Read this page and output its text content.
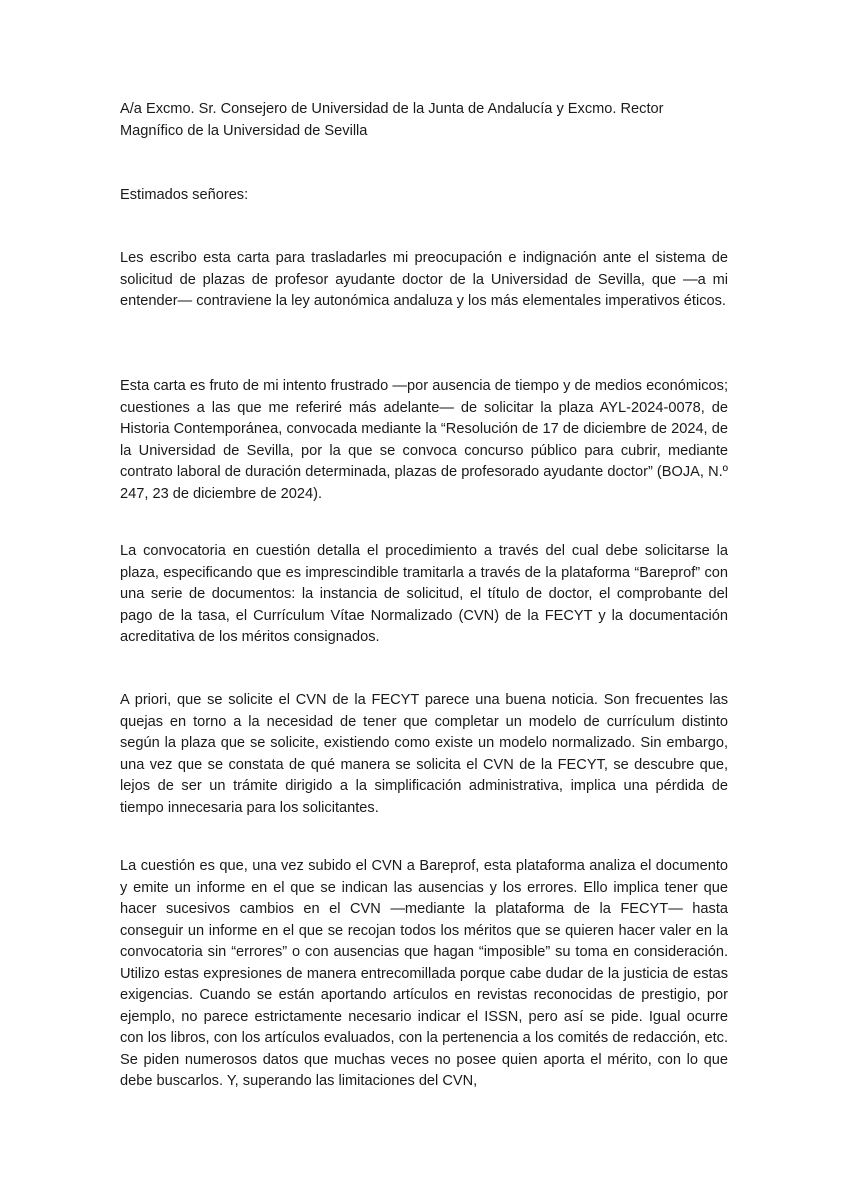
A/a Excmo. Sr. Consejero de Universidad de la Junta de Andalucía y Excmo. Rector
Magnífico de la Universidad de Sevilla

Estimados señores:

Les escribo esta carta para trasladarles mi preocupación e indignación ante el sistema de solicitud de plazas de profesor ayudante doctor de la Universidad de Sevilla, que —a mi entender— contraviene la ley autonómica andaluza y los más elementales imperativos éticos.

Esta carta es fruto de mi intento frustrado —por ausencia de tiempo y de medios económicos; cuestiones a las que me referiré más adelante— de solicitar la plaza AYL-2024-0078, de Historia Contemporánea, convocada mediante la “Resolución de 17 de diciembre de 2024, de la Universidad de Sevilla, por la que se convoca concurso público para cubrir, mediante contrato laboral de duración determinada, plazas de profesorado ayudante doctor” (BOJA, N.º 247, 23 de diciembre de 2024).

La convocatoria en cuestión detalla el procedimiento a través del cual debe solicitarse la plaza, especificando que es imprescindible tramitarla a través de la plataforma “Bareprof” con una serie de documentos: la instancia de solicitud, el título de doctor, el comprobante del pago de la tasa, el Currículum Vítae Normalizado (CVN) de la FECYT y la documentación acreditativa de los méritos consignados.

A priori, que se solicite el CVN de la FECYT parece una buena noticia. Son frecuentes las quejas en torno a la necesidad de tener que completar un modelo de currículum distinto según la plaza que se solicite, existiendo como existe un modelo normalizado. Sin embargo, una vez que se constata de qué manera se solicita el CVN de la FECYT, se descubre que, lejos de ser un trámite dirigido a la simplificación administrativa, implica una pérdida de tiempo innecesaria para los solicitantes.

La cuestión es que, una vez subido el CVN a Bareprof, esta plataforma analiza el documento y emite un informe en el que se indican las ausencias y los errores. Ello implica tener que hacer sucesivos cambios en el CVN —mediante la plataforma de la FECYT— hasta conseguir un informe en el que se recojan todos los méritos que se quieren hacer valer en la convocatoria sin “errores” o con ausencias que hagan “imposible” su toma en consideración. Utilizo estas expresiones de manera entrecomillada porque cabe dudar de la justicia de estas exigencias. Cuando se están aportando artículos en revistas reconocidas de prestigio, por ejemplo, no parece estrictamente necesario indicar el ISSN, pero así se pide. Igual ocurre con los libros, con los artículos evaluados, con la pertenencia a los comités de redacción, etc. Se piden numerosos datos que muchas veces no posee quien aporta el mérito, con lo que debe buscarlos. Y, superando las limitaciones del CVN,
